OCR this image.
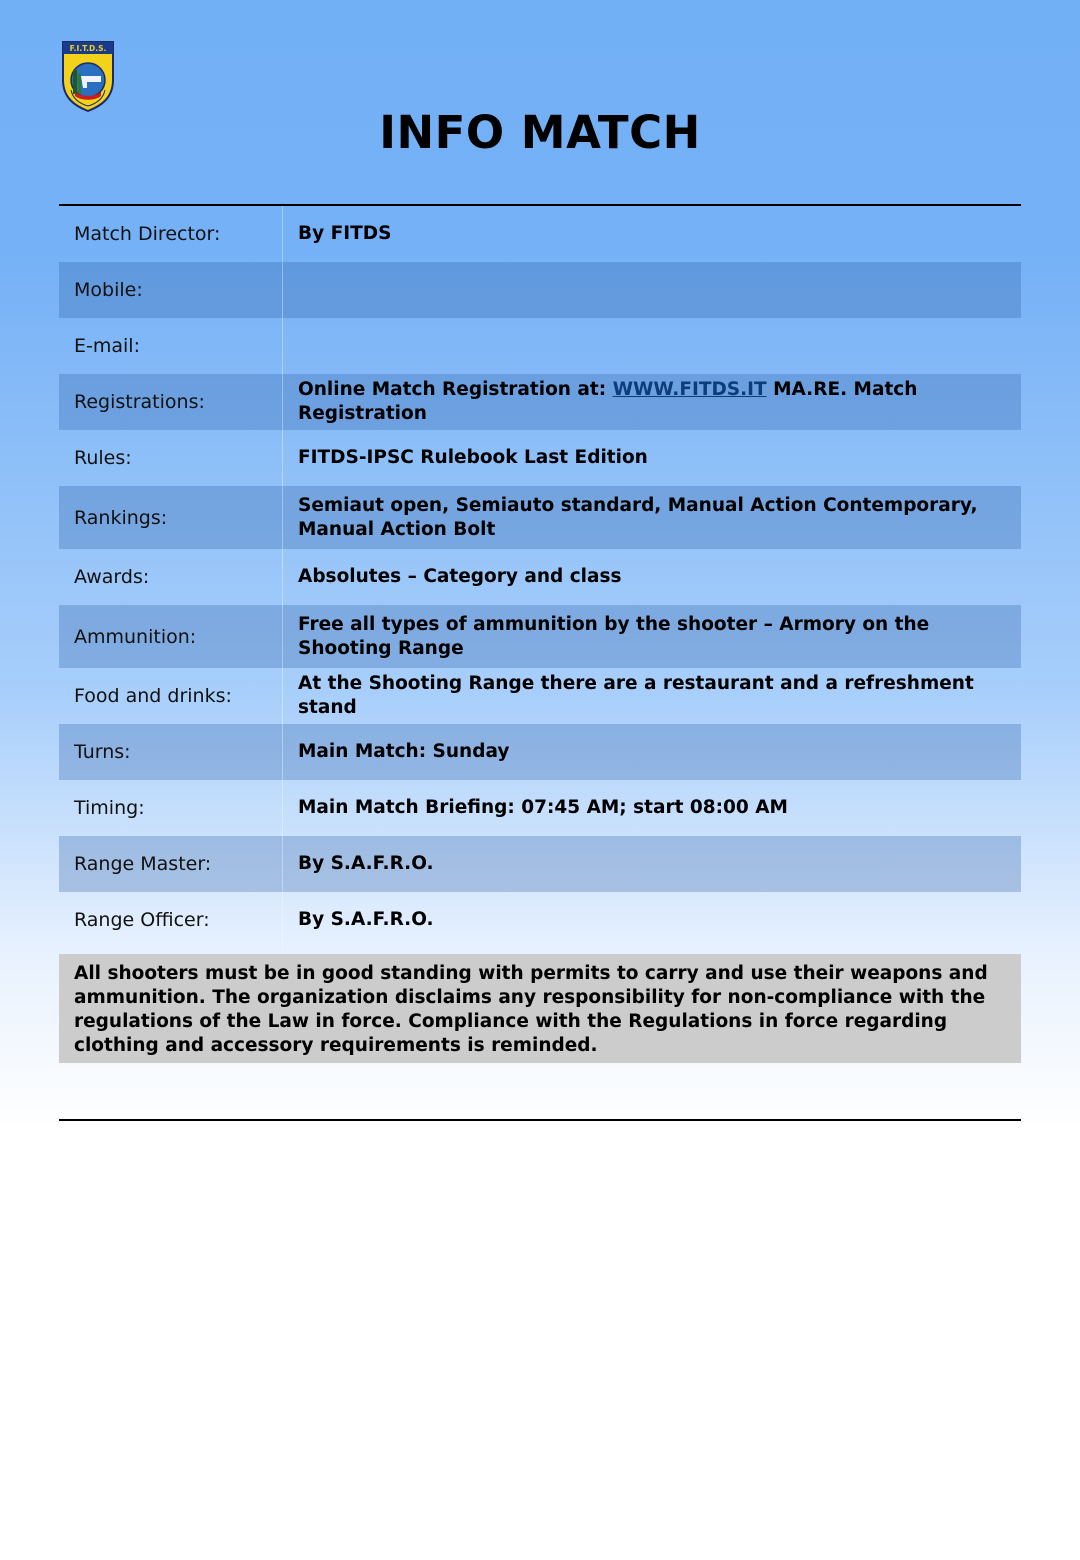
F.I.T.D.S.
INFO MATCH
Match Director:	By FITDS
Mobile:	
E-mail:	
Registrations:	Online Match Registration at: WWW.FITDS.IT MA.RE. Match Registration
Rules:	FITDS-IPSC Rulebook Last Edition
Rankings:	Semiaut open, Semiauto standard, Manual Action Contemporary, Manual Action Bolt
Awards:	Absolutes – Category and class
Ammunition:	Free all types of ammunition by the shooter – Armory on the Shooting Range
Food and drinks:	At the Shooting Range there are a restaurant and a refreshment stand
Turns:	Main Match: Sunday
Timing:	Main Match Briefing: 07:45 AM; start 08:00 AM
Range Master:	By S.A.F.R.O.
Range Officer:	By S.A.F.R.O.
All shooters must be in good standing with permits to carry and use their weapons and ammunition. The organization disclaims any responsibility for non-compliance with the regulations of the Law in force. Compliance with the Regulations in force regarding clothing and accessory requirements is reminded.
